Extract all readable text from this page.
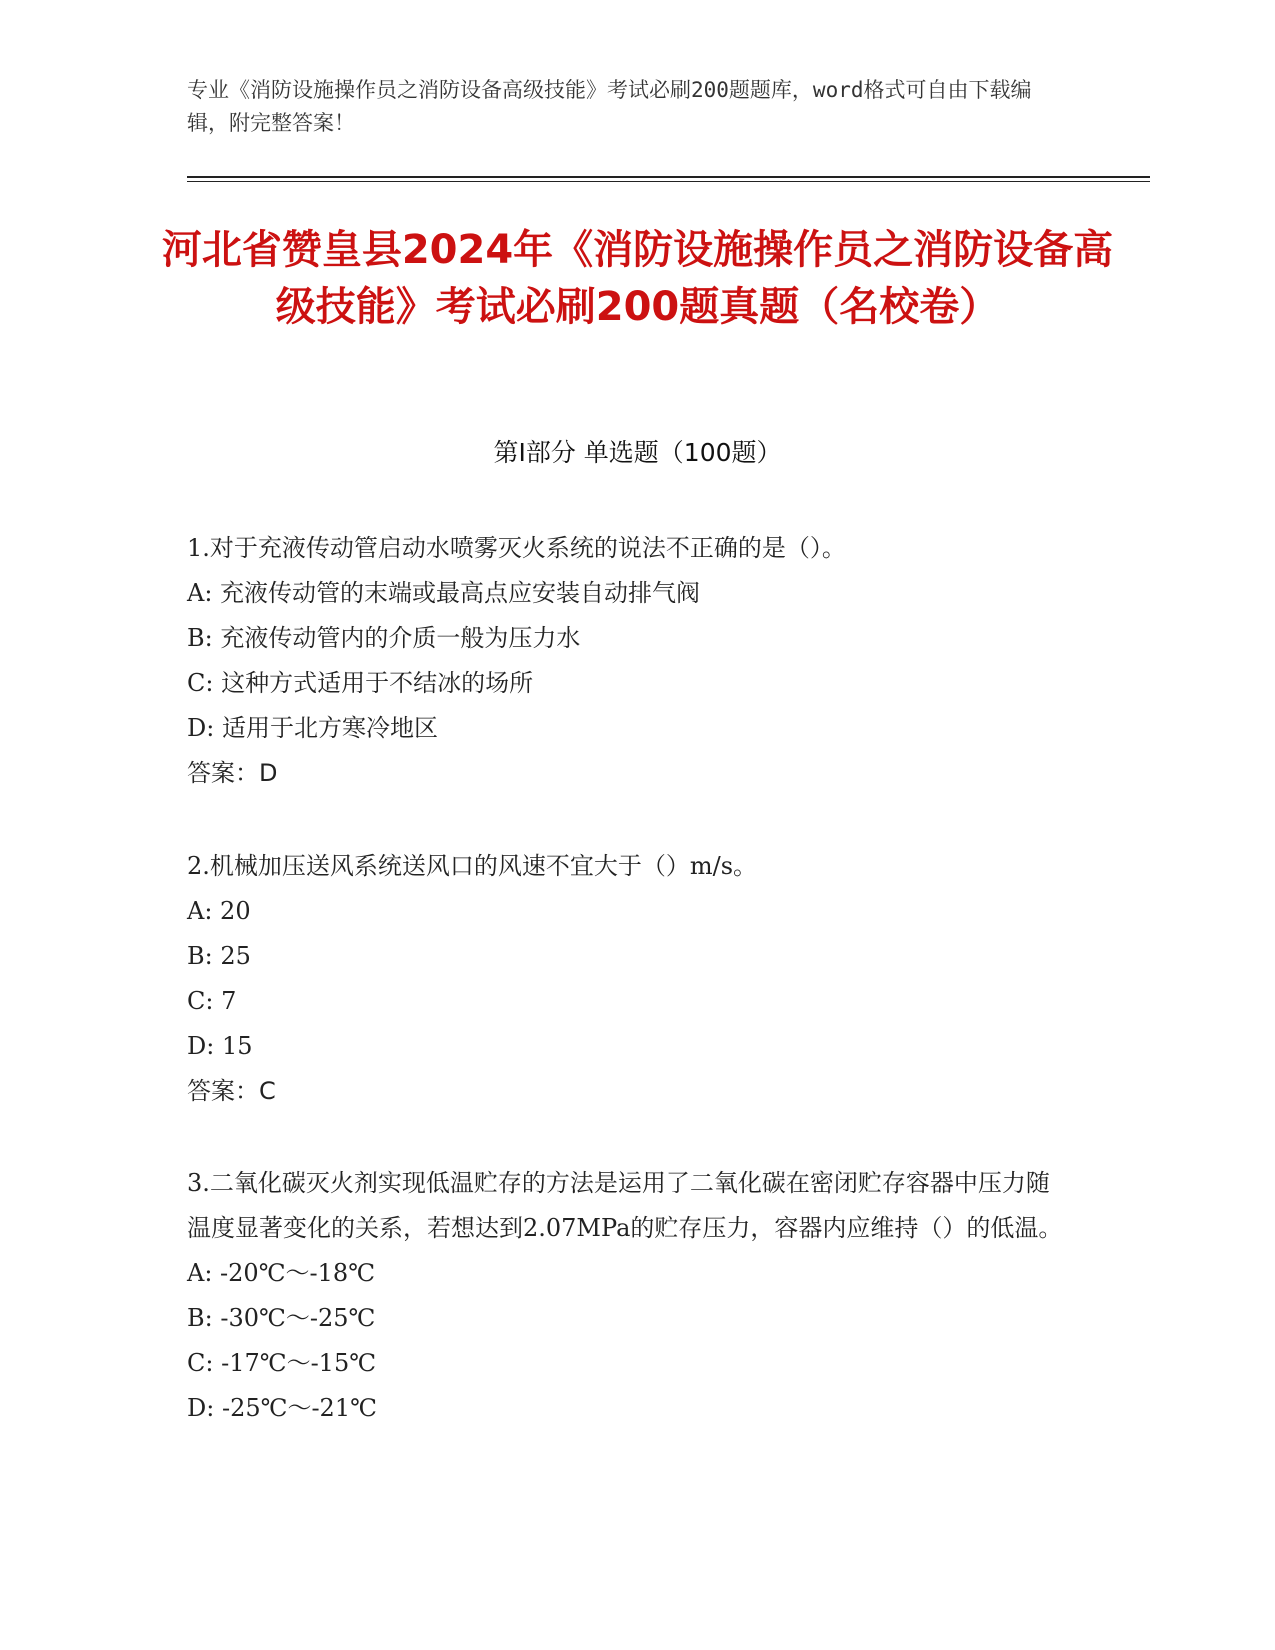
专业《消防设施操作员之消防设备高级技能》考试必刷200题题库，word格式可自由下载编辑，附完整答案！
河北省赞皇县2024年《消防设施操作员之消防设备高级技能》考试必刷200题真题（名校卷）
第I部分 单选题（100题）

1.对于充液传动管启动水喷雾灭火系统的说法不正确的是（）。

A: 充液传动管的末端或最高点应安装自动排气阀

B: 充液传动管内的介质一般为压力水

C: 这种方式适用于不结冰的场所

D: 适用于北方寒冷地区

答案：D

2.机械加压送风系统送风口的风速不宜大于（）m/s。

A: 20

B: 25

C: 7

D: 15

答案：C

3.二氧化碳灭火剂实现低温贮存的方法是运用了二氧化碳在密闭贮存容器中压力随温度显著变化的关系，若想达到2.07MPa的贮存压力，容器内应维持（）的低温。

A: -20℃～-18℃

B: -30℃～-25℃

C: -17℃～-15℃

D: -25℃～-21℃
